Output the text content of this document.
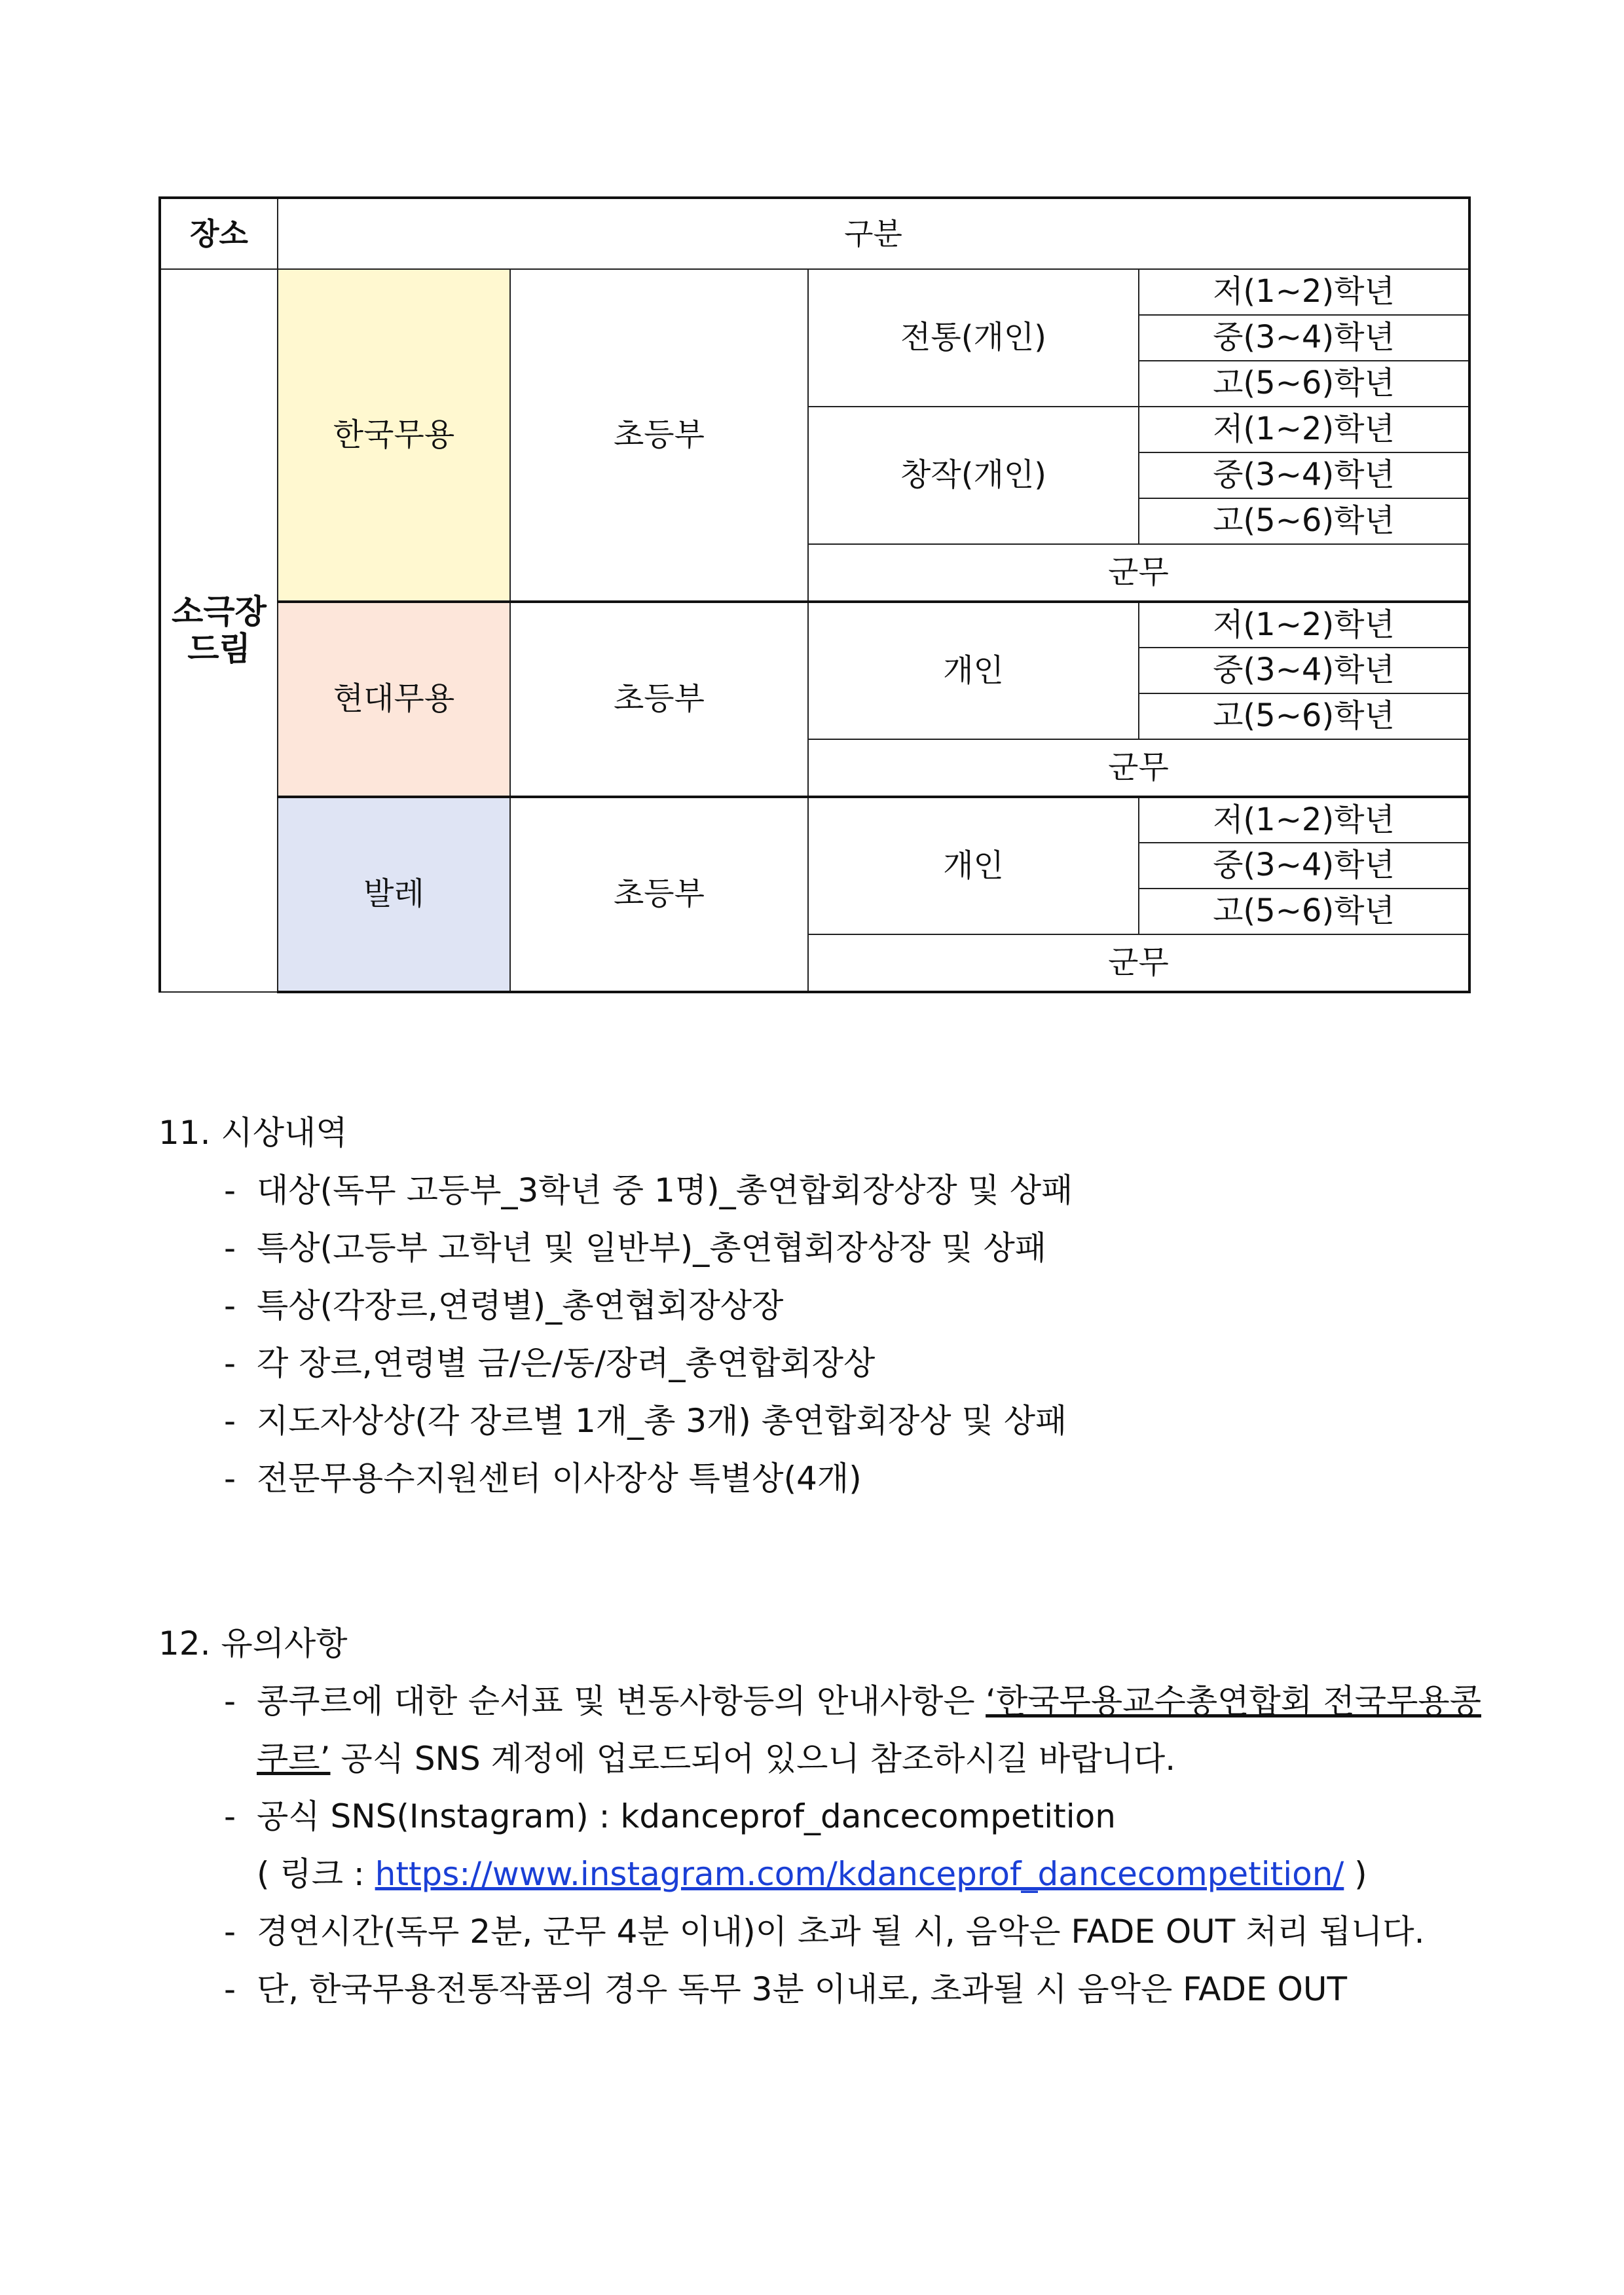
장소	구분			
소극장
드림	한국무용	초등부	전통(개인)	저(1~2)학년
				중(3~4)학년
				고(5~6)학년
			창작(개인)	저(1~2)학년
				중(3~4)학년
				고(5~6)학년
			군무	
	현대무용	초등부	개인	저(1~2)학년
				중(3~4)학년
				고(5~6)학년
			군무	
	발레	초등부	개인	저(1~2)학년
				중(3~4)학년
				고(5~6)학년
			군무	
11. 시상내역
- 대상(독무 고등부_3학년 중 1명)_총연합회장상장 및 상패
- 특상(고등부 고학년 및 일반부)_총연협회장상장 및 상패
- 특상(각장르,연령별)_총연협회장상장
- 각 장르,연령별 금/은/동/장려_총연합회장상
- 지도자상상(각 장르별 1개_총 3개) 총연합회장상 및 상패
- 전문무용수지원센터 이사장상 특별상(4개)
12. 유의사항
- 콩쿠르에 대한 순서표 및 변동사항등의 안내사항은 ‘한국무용교수총연합회 전국무용콩쿠르’ 공식 SNS 계정에 업로드되어 있으니 참조하시길 바랍니다.
- 공식 SNS(Instagram) : kdanceprof_dancecompetition
( 링크 : https://www.instagram.com/kdanceprof_dancecompetition/ )
- 경연시간(독무 2분, 군무 4분 이내)이 초과 될 시, 음악은 FADE OUT 처리 됩니다.
- 단, 한국무용전통작품의 경우 독무 3분 이내로, 초과될 시 음악은 FADE OUT
